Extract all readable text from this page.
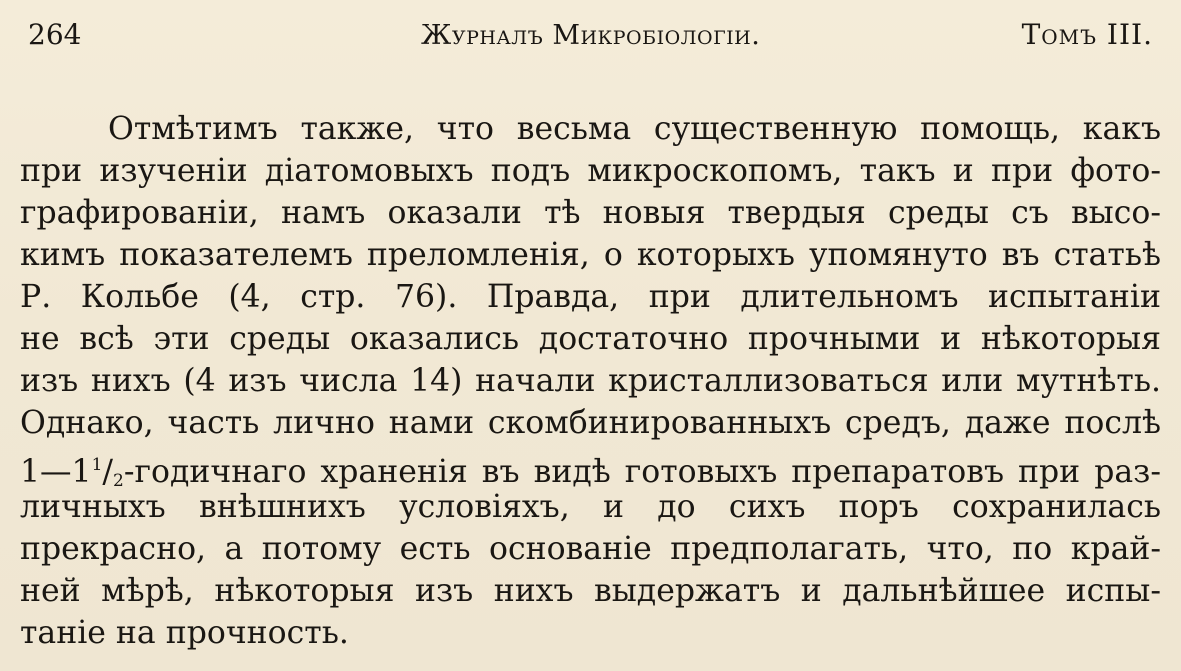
264	Журналъ Микробіологіи.	Томъ III.
Отмѣтимъ также, что весьма существенную помощь, какъ
при изученіи діатомовыхъ подъ микроскопомъ, такъ и при фото-
графированіи, намъ оказали тѣ новыя твердыя среды съ высо-
кимъ показателемъ преломленія, о которыхъ упомянуто въ статьѣ
Р. Кольбе (4, стр. 76). Правда, при длительномъ испытаніи
не всѣ эти среды оказались достаточно прочными и нѣкоторыя
изъ нихъ (4 изъ числа 14) начали кристаллизоваться или мутнѣть.
Однако, часть лично нами скомбинированныхъ средъ, даже послѣ
$1—1^1/2$-годичнаго храненія въ видѣ готовыхъ препаратовъ при раз-
личныхъ внѣшнихъ условіяхъ, и до сихъ поръ сохранилась
прекрасно, а потому есть основаніе предполагать, что, по край-
ней мѣрѣ, нѣкоторыя изъ нихъ выдержатъ и дальнѣйшее испы-
таніе на прочность.
